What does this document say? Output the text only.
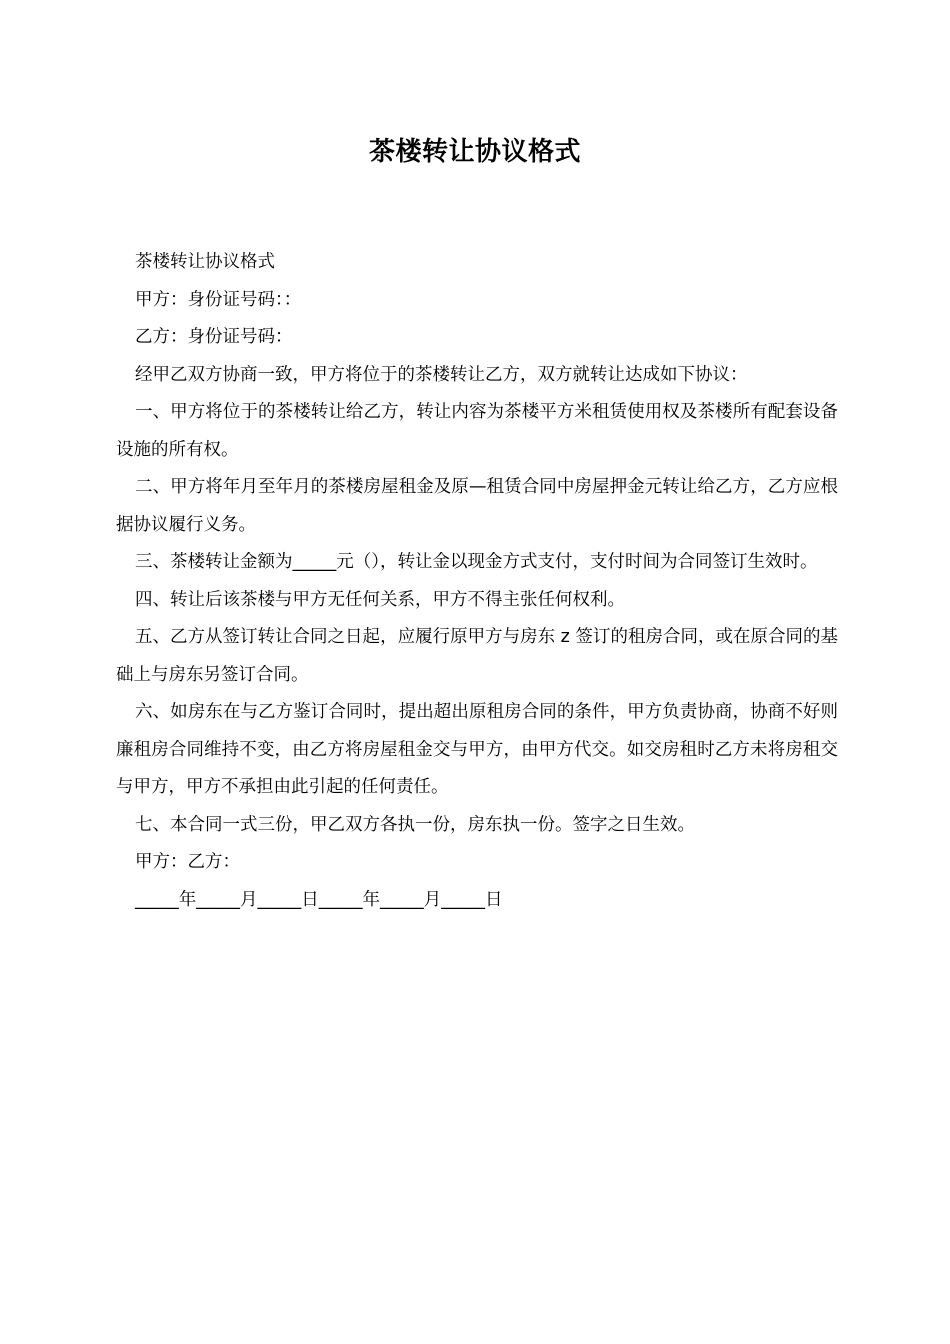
茶楼转让协议格式

茶楼转让协议格式

甲方：身份证号码：：

乙方：身份证号码：

经甲乙双方协商一致，甲方将位于的茶楼转让乙方，双方就转让达成如下协议：

一、甲方将位于的茶楼转让给乙方，转让内容为茶楼平方米租赁使用权及茶楼所有配套设备设施的所有权。

二、甲方将年月至年月的茶楼房屋租金及原—租赁合同中房屋押金元转让给乙方，乙方应根据协议履行义务。

三、茶楼转让金额为_____元（），转让金以现金方式支付，支付时间为合同签订生效时。

四、转让后该茶楼与甲方无任何关系，甲方不得主张任何权利。

五、乙方从签订转让合同之日起，应履行原甲方与房东 z 签订的租房合同，或在原合同的基础上与房东另签订合同。

六、如房东在与乙方鉴订合同时，提出超出原租房合同的条件，甲方负责协商，协商不好则廉租房合同维持不变，由乙方将房屋租金交与甲方，由甲方代交。如交房租时乙方未将房租交与甲方，甲方不承担由此引起的任何责任。

七、本合同一式三份，甲乙双方各执一份，房东执一份。签字之日生效。

甲方：乙方：

_____年_____月_____日_____年_____月_____日
